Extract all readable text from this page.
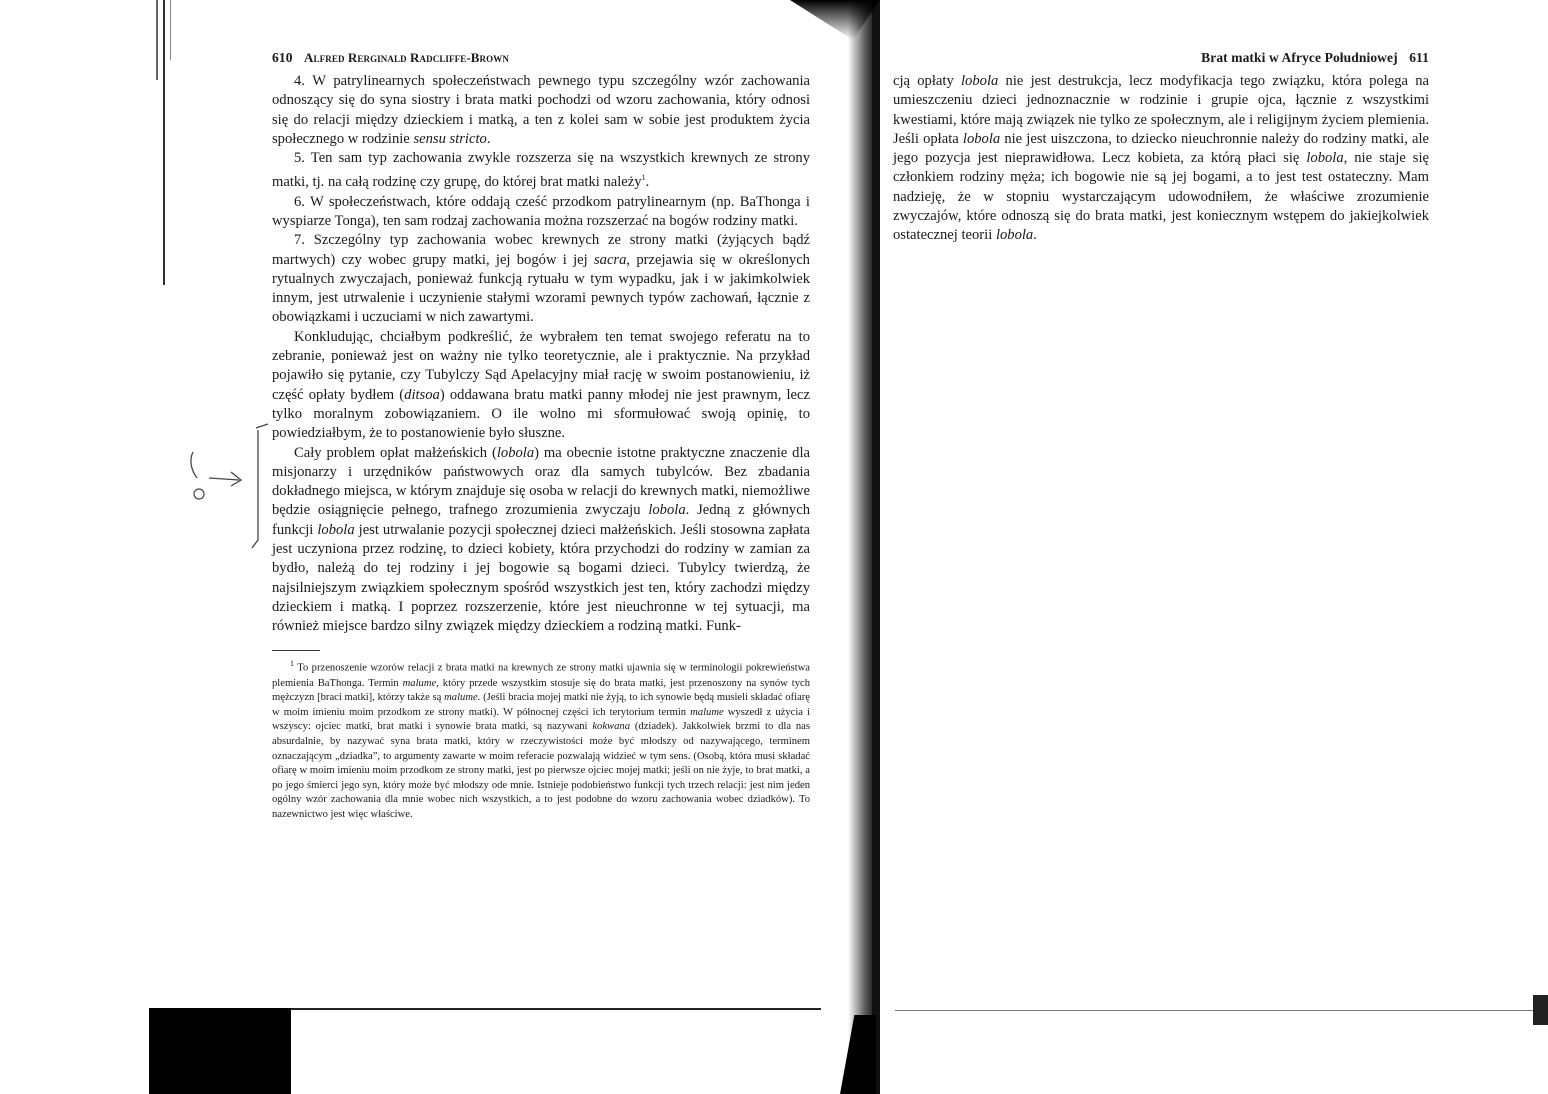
610 Alfred Rerginald Radcliffe-Brown

4. W patrylinearnych społeczeństwach pewnego typu szczególny wzór zachowania odnoszący się do syna siostry i brata matki pochodzi od wzoru zachowania, który odnosi się do relacji między dzieckiem i matką, a ten z kolei sam w sobie jest produktem życia społecznego w rodzinie sensu stricto.

5. Ten sam typ zachowania zwykle rozszerza się na wszystkich krewnych ze strony matki, tj. na całą rodzinę czy grupę, do której brat matki należy$^1$.

6. W społeczeństwach, które oddają cześć przodkom patrylinearnym (np. BaThonga i wyspiarze Tonga), ten sam rodzaj zachowania można rozszerzać na bogów rodziny matki.

7. Szczególny typ zachowania wobec krewnych ze strony matki (żyjących bądź martwych) czy wobec grupy matki, jej bogów i jej sacra, przejawia się w określonych rytualnych zwyczajach, ponieważ funkcją rytuału w tym wypadku, jak i w jakimkolwiek innym, jest utrwalenie i uczynienie stałymi wzorami pewnych typów zachowań, łącznie z obowiązkami i uczuciami w nich zawartymi.

Konkludując, chciałbym podkreślić, że wybrałem ten temat swojego referatu na to zebranie, ponieważ jest on ważny nie tylko teoretycznie, ale i praktycznie. Na przykład pojawiło się pytanie, czy Tubylczy Sąd Apelacyjny miał rację w swoim postanowieniu, iż część opłaty bydłem (ditsoa) oddawana bratu matki panny młodej nie jest prawnym, lecz tylko moralnym zobowiązaniem. O ile wolno mi sformułować swoją opinię, to powiedziałbym, że to postanowienie było słuszne.

Cały problem opłat małżeńskich (lobola) ma obecnie istotne praktyczne znaczenie dla misjonarzy i urzędników państwowych oraz dla samych tubylców. Bez zbadania dokładnego miejsca, w którym znajduje się osoba w relacji do krewnych matki, niemożliwe będzie osiągnięcie pełnego, trafnego zrozumienia zwyczaju lobola. Jedną z głównych funkcji lobola jest utrwalanie pozycji społecznej dzieci małżeńskich. Jeśli stosowna zapłata jest uczyniona przez rodzinę, to dzieci kobiety, która przychodzi do rodziny w zamian za bydło, należą do tej rodziny i jej bogowie są bogami dzieci. Tubylcy twierdzą, że najsilniejszym związkiem społecznym spośród wszystkich jest ten, który zachodzi między dzieckiem i matką. I poprzez rozszerzenie, które jest nieuchronne w tej sytuacji, ma również miejsce bardzo silny związek między dzieckiem a rodziną matki. Funk-

$^1$ To przenoszenie wzorów relacji z brata matki na krewnych ze strony matki ujawnia się w terminologii pokrewieństwa plemienia BaThonga. Termin malume, który przede wszystkim stosuje się do brata matki, jest przenoszony na synów tych mężczyzn [braci matki], którzy także są malume. (Jeśli bracia mojej matki nie żyją, to ich synowie będą musieli składać ofiarę w moim imieniu moim przodkom ze strony matki). W północnej części ich terytorium termin malume wyszedł z użycia i wszyscy: ojciec matki, brat matki i synowie brata matki, są nazywani kokwana (dziadek). Jakkolwiek brzmi to dla nas absurdalnie, by nazywać syna brata matki, który w rzeczywistości może być młodszy od nazywającego, terminem oznaczającym „dziadka”, to argumenty zawarte w moim referacie pozwalają widzieć w tym sens. (Osobą, która musi składać ofiarę w moim imieniu moim przodkom ze strony matki, jest po pierwsze ojciec mojej matki; jeśli on nie żyje, to brat matki, a po jego śmierci jego syn, który może być młodszy ode mnie. Istnieje podobieństwo funkcji tych trzech relacji: jest nim jeden ogólny wzór zachowania dla mnie wobec nich wszystkich, a to jest podobne do wzoru zachowania wobec dziadków). To nazewnictwo jest więc właściwe.

Brat matki w Afryce Południowej 611

cją opłaty lobola nie jest destrukcja, lecz modyfikacja tego związku, która polega na umieszczeniu dzieci jednoznacznie w rodzinie i grupie ojca, łącznie z wszystkimi kwestiami, które mają związek nie tylko ze społecznym, ale i religijnym życiem plemienia. Jeśli opłata lobola nie jest uiszczona, to dziecko nieuchronnie należy do rodziny matki, ale jego pozycja jest nieprawidłowa. Lecz kobieta, za którą płaci się lobola, nie staje się członkiem rodziny męża; ich bogowie nie są jej bogami, a to jest test ostateczny. Mam nadzieję, że w stopniu wystarczającym udowodniłem, że właściwe zrozumienie zwyczajów, które odnoszą się do brata matki, jest koniecznym wstępem do jakiejkolwiek ostatecznej teorii lobola.
